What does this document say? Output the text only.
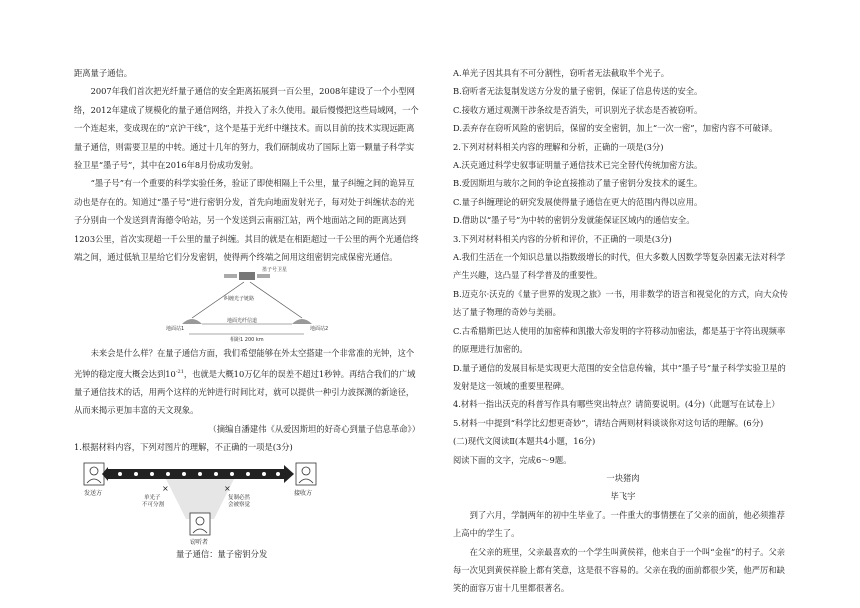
距离量子通信。

2007年我们首次把光纤量子通信的安全距离拓展到一百公里，2008年建设了一个小型网络，2012年建成了规模化的量子通信网络，并投入了永久使用。最后慢慢把这些局域网，一个一个连起来，变成现在的“京沪干线”，这个是基于光纤中继技术。而以目前的技术实现远距离量子通信，则需要卫星的中转。通过十几年的努力，我们研制成功了国际上第一颗量子科学实验卫星“墨子号”，其中在2016年8月份成功发射。

“墨子号”有一个重要的科学实验任务，验证了即使相隔上千公里，量子纠缠之间的诡异互动也是存在的。知道过“墨子号”进行密钥分发，首先向地面发射光子，每对处于纠缠状态的光子分别由一个发送到青海德令哈站，另一个发送到云南丽江站，两个地面站之间的距离达到1203公里，首次实现超一千公里的量子纠缠。其目的就是在相距超过一千公里的两个光通信终端之间，通过低轨卫星给它们分发密钥，使得两个终端之间用这组密钥完成保密光通信。

墨子号卫星
纠缠光子链路
地面站1	地面站2
地面光纤信道
相距1 200 km

未来会是什么样？在量子通信方面，我们希望能够在外太空搭建一个非常准的光钟，这个光钟的稳定度大概会达到$10^{-21}$，也就是大概10万亿年的误差不超过1秒钟。再结合我们的广域量子通信技术的话，用两个这样的光钟进行时间比对，就可以提供一种引力波探测的新途径，从而来揭示更加丰富的天文现象。

（摘编自潘建伟《从爱因斯坦的好奇心到量子信息革命》）

1.根据材料内容，下列对图片的理解，不正确的一项是(3分)

发送方	接收方
×	×
单光子
不可分割
复制必然
会被察觉
窃听者

量子通信：量子密钥分发

A.单光子因其具有不可分割性，窃听者无法截取半个光子。

B.窃听者无法复制发送方分发的量子密钥，保证了信息传送的安全。

C.接收方通过观测干涉条纹是否消失，可识别光子状态是否被窃听。

D.丢弃存在窃听风险的密钥后，保留的安全密钥，加上“一次一密”，加密内容不可破译。

2.下列对材料相关内容的理解和分析，正确的一项是(3分)

A.沃克通过科学史叙事证明量子通信技术已完全替代传统加密方法。

B.爱因斯坦与玻尔之间的争论直接推动了量子密钥分发技术的诞生。

C.量子纠缠理论的研究发展使得量子通信在更大的范围内得以应用。

D.借助以“墨子号”为中转的密钥分发就能保证区域内的通信安全。

3.下列对材料相关内容的分析和评价，不正确的一项是(3分)

A.我们生活在一个知识总量以指数级增长的时代，但大多数人因数学等复杂因素无法对科学产生兴趣，这凸显了科学普及的重要性。

B.迈克尔·沃克的《量子世界的发现之旅》一书，用非数学的语言和视觉化的方式，向大众传达了量子物理的奇妙与美丽。

C.古希腊斯巴达人使用的加密棒和凯撒大帝发明的字符移动加密法，都是基于字符出现频率的原理进行加密的。

D.量子通信的发展目标是实现更大范围的安全信息传输，其中“墨子号”量子科学实验卫星的发射是这一领域的重要里程碑。

4.材料一指出沃克的科普写作具有哪些突出特点？请简要说明。(4分)（此题写在试卷上）

5.材料一中提到“科学比幻想更奇妙”，请结合两则材料谈谈你对这句话的理解。(6分)

(二)现代文阅读Ⅱ(本题共4小题，16分)

阅读下面的文字，完成6～9题。

一块猪肉

毕飞宇

到了六月，学制两年的初中生毕业了。一件重大的事情摆在了父亲的面前，他必须推荐上高中的学生了。

在父亲的班里，父亲最喜欢的一个学生叫黄侯祥，他来自于一个叫“金崔”的村子。父亲每一次见到黄侯祥脸上都有笑意，这是很不容易的。父亲在我的面前都很少笑，他严厉和缺笑的面容万宙十几里都很著名。
